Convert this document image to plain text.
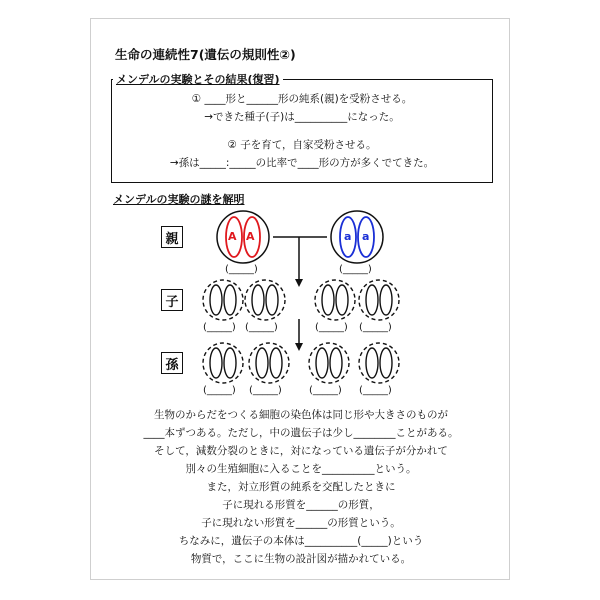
生命の連続性7(遺伝の規則性②)
メンデルの実験とその結果(復習)
① ____形と______形の純系(親)を受粉させる。
→できた種子(子)は__________になった。
② 子を育て，自家受粉させる。
→孫は_____:_____の比率で____形の方が多くでてきた。
メンデルの実験の謎を解明
親
子
孫
A A	a a
(_____)	(_____)
(_____) (_____)	(_____) (_____)
(_____) (_____)	(_____) (_____)
生物のからだをつくる細胞の染色体は同じ形や大きさのものが
____本ずつある。ただし，中の遺伝子は少し________ことがある。
そして，減数分裂のときに，対になっている遺伝子が分かれて
別々の生殖細胞に入ることを__________という。
また，対立形質の純系を交配したときに
子に現れる形質を______の形質，
子に現れない形質を______の形質という。
ちなみに，遺伝子の本体は__________(_____)という
物質で，ここに生物の設計図が描かれている。
